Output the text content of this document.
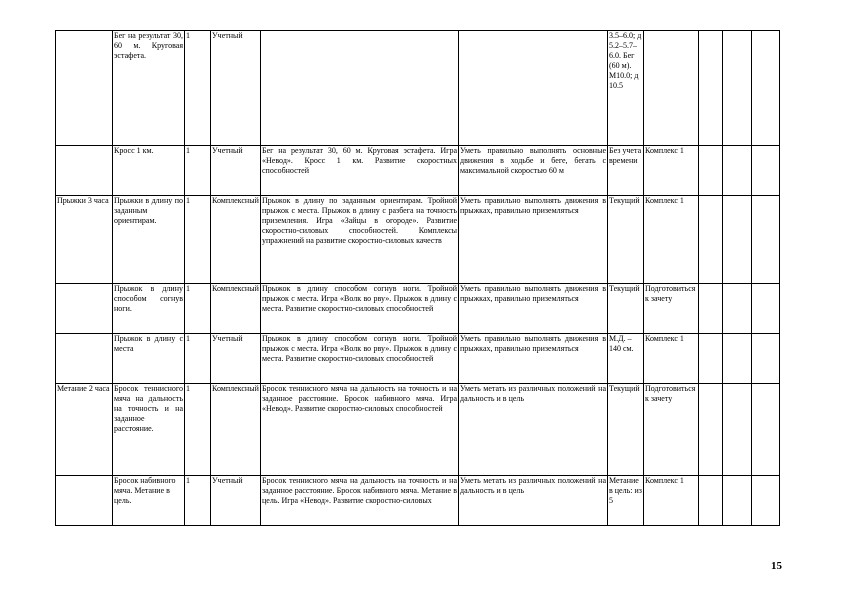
	Бег на результат 30, 60 м. Круговая эстафета.	1	Учетный			3.5–6.0; д 5.2–5.7–6.0. Бег (60 м). М10.0; д 10.5				
	Кросс 1 км.	1	Учетный	Бег на результат 30, 60 м. Круговая эстафета. Игра «Невод». Кросс 1 км. Развитие скоростных способностей	Уметь правильно выполнять основные движения в ходьбе и беге, бегать с максимальной скоростью 60 м	Без учета времени	Комплекс 1			
Прыжки 3 часа	Прыжки в длину по заданным ориентирам.	1	Комплексный	Прыжок в длину по заданным ориентирам. Тройной прыжок с места. Прыжок в длину с разбега на точность приземления. Игра «Зайцы в огороде». Развитие скоростно-силовых способностей. Комплексы упражнений на развитие скоростно-силовых качеств	Уметь правильно выполнять движения в прыжках, правильно приземляться	Текущий	Комплекс 1			
	Прыжок в длину способом согнув ноги.	1	Комплексный	Прыжок в длину способом согнув ноги. Тройной прыжок с места. Игра «Волк во рву». Прыжок в длину с места. Развитие скоростно-силовых способностей	Уметь правильно выполнять движения в прыжках, правильно приземляться	Текущий	Подготовиться к зачету			
	Прыжок в длину с места	1	Учетный	Прыжок в длину способом согнув ноги. Тройной прыжок с места. Игра «Волк во рву». Прыжок в длину с места. Развитие скоростно-силовых способностей	Уметь правильно выполнять движения в прыжках, правильно приземляться	М.Д. – 140 см.	Комплекс 1			
Метание 2 часа	Бросок теннисного мяча на дальность на точность и на заданное расстояние.	1	Комплексный	Бросок теннисного мяча на дальность на точность и на заданное расстояние. Бросок набивного мяча. Игра «Невод». Развитие скоростно-силовых способностей	Уметь метать из различных положений на дальность и в цель	Текущий	Подготовиться к зачету			
	Бросок набивного мяча. Метание в цель.	1	Учетный	Бросок теннисного мяча на дальность на точность и на заданное расстояние. Бросок набивного мяча. Метание в цель. Игра «Невод». Развитие скоростно-силовых	Уметь метать из различных положений на дальность и в цель	Метание в цель: из 5	Комплекс 1			
15
